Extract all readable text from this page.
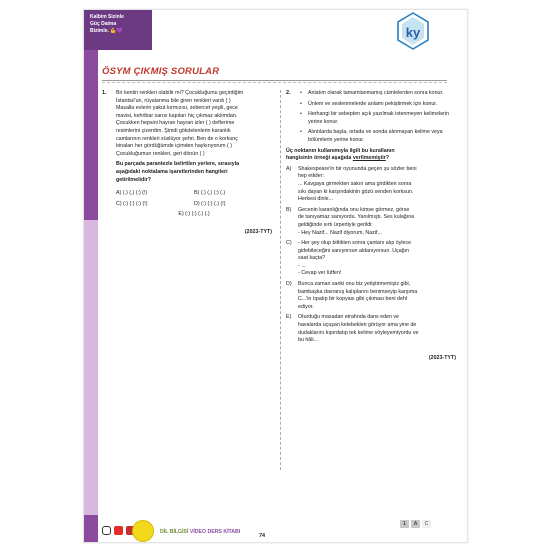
Kalbim Sizinle
Güç Daima
Bizimle. 💪💜	ky
ÖSYM ÇIKMIŞ SORULAR
1. Bir kentin renkleri olabilir mi? Çocukluğumu geçirdiğim
İstanbul'un, rüyalanma bile giren renkleri vardı ( )
Masalla evlerin yakut kırmızısı, zebercet yeşili, gece
mavisi, kehribar sarısı kapıları hiç çıkmaz aklımdan.
Çocukken hepsini hayran hayran izler ( ) defterime
resimlerini çizerdim. Şimdi gökdelenlerin karanlık
camlarının renkleri süslüyor şehri. Ben de o korkunç
binaları her gördüğümde içimden haykırıyorum ( )
Çocukluğumun renkleri, geri dönün ( )
Bu parçada parantezle belirtilen yerlere, sırasıyla
aşağıdaki noktalama işaretlerinden hangileri
getirilmelidir?
A) (.) (,) (:) (!)	B) (.) (,) (:) (.)
C) (:) (:) (:) (!)	D) (:) (:) (.) (!)
E) (:) (:) (.) (.)
(2023-TYT)
2.	• Anlatım olarak tamamlanmamış cümlelerden sonra konur.
• Ünlem ve seslenmelerde anlamı pekiştirmek için konur.
• Herhangi bir sebepten açık yazılmak istenmeyen kelimelerin yerine konur.
• Alıntılarda başta, ortada ve sonda alınmayan kelime veya bölümlerin yerine konur.
Üç noktanın kullanımıyla ilgili bu kurallanın
hangisinin örneği aşağıda verilmemiştir?
A)	Shakespeare'in bir oyununda geçen şu sözler beni
hep etkiler:
... Kavgaya girmekten sakın ama girdikten sonra
sıkı dayan ki karşındakinin gözü senden korksun.
Herkesi dinle...
B)	Gecenin karanlığında onu kimse görmez, görse
de tanıyamaz sanıyordu. Yanılmıştı. Ses kulağına
geldiğinde sırtı ürpertiyle gerildi:
- Hey Nazif... Nazif diyorum, Nazif...
C)	- Her şey olup bittikten sonra çantanı alıp öylece
gidebileceğini sanıyorsun aldanıyorsun. Uçağın
saat kaçta?
- ...
- Cevap ver lütfen!
D)	Bunca zaman sanki onu biz yetiştirmemişiz gibi,
bambaşka davranış kalıplarını benimseyip karşıma
C...'in tıpatıp bir kopyası gibi çıkması beni dehl
ediyor.
E)	Oturduğu masadan etrafında dans eden ve
havalarda uçuşan kelebekleri görüyor ama yine de
dudaklarını kıpırdatıp tek kelime söyleyemiyordu ve
bu hâli...
(2023-TYT)
DİL BİLGİSİ VİDEO DERS KİTABI
74
1	A	C
